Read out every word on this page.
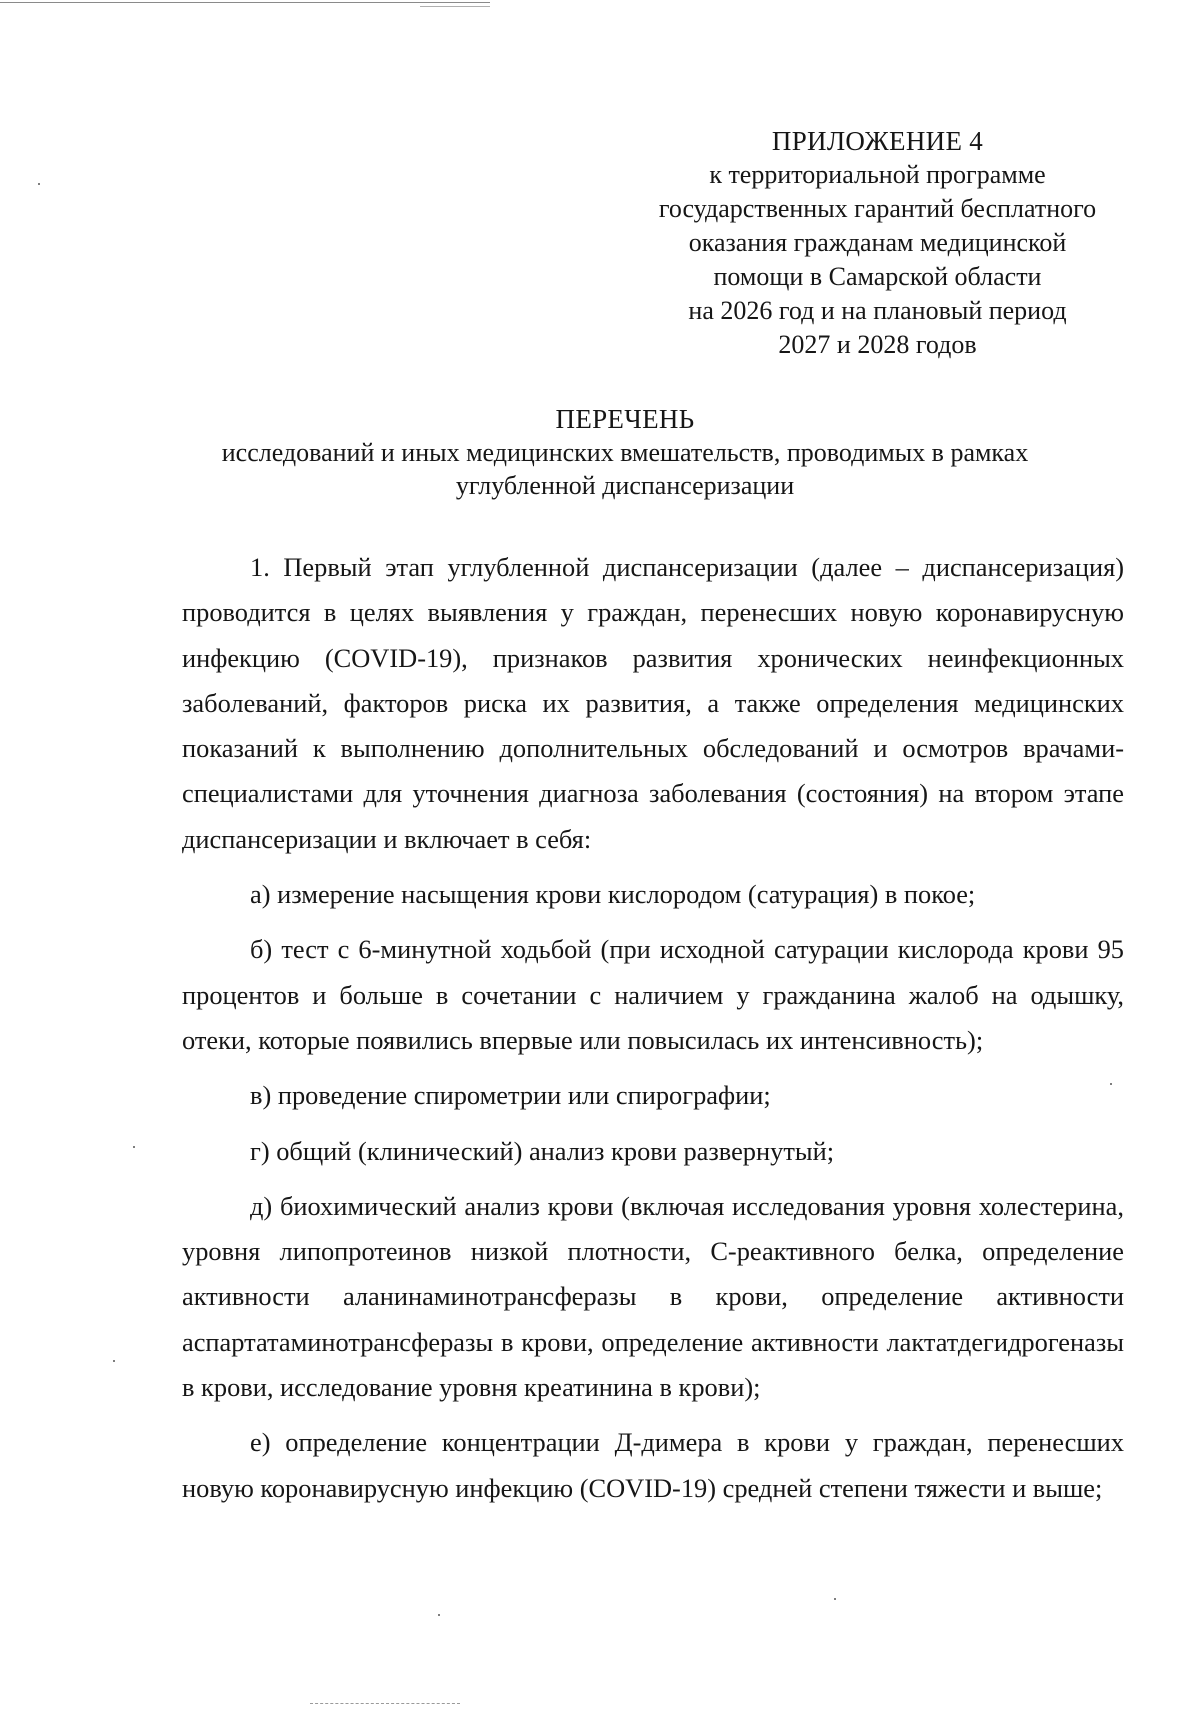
ПРИЛОЖЕНИЕ 4
к территориальной программе
государственных гарантий бесплатного
оказания гражданам медицинской
помощи в Самарской области
на 2026 год и на плановый период
2027 и 2028 годов
ПЕРЕЧЕНЬ
исследований и иных медицинских вмешательств, проводимых в рамках
углубленной диспансеризации

1. Первый этап углубленной диспансеризации (далее – диспансеризация) проводится в целях выявления у граждан, перенесших новую коронавирусную инфекцию (COVID-19), признаков развития хронических неинфекционных заболеваний, факторов риска их развития, а также определения медицинских показаний к выполнению дополнительных обследований и осмотров врачами-специалистами для уточнения диагноза заболевания (состояния) на втором этапе диспансеризации и включает в себя:

а) измерение насыщения крови кислородом (сатурация) в покое;

б) тест с 6-минутной ходьбой (при исходной сатурации кислорода крови 95 процентов и больше в сочетании с наличием у гражданина жалоб на одышку, отеки, которые появились впервые или повысилась их интенсивность);

в) проведение спирометрии или спирографии;

г) общий (клинический) анализ крови развернутый;

д) биохимический анализ крови (включая исследования уровня холестерина, уровня липопротеинов низкой плотности, С-реактивного белка, определение активности аланинаминотрансферазы в крови, определение активности аспартатаминотрансферазы в крови, определение активности лактатдегидрогеназы в крови, исследование уровня креатинина в крови);

е) определение концентрации Д-димера в крови у граждан, перенесших новую коронавирусную инфекцию (COVID-19) средней степени тяжести и выше;
